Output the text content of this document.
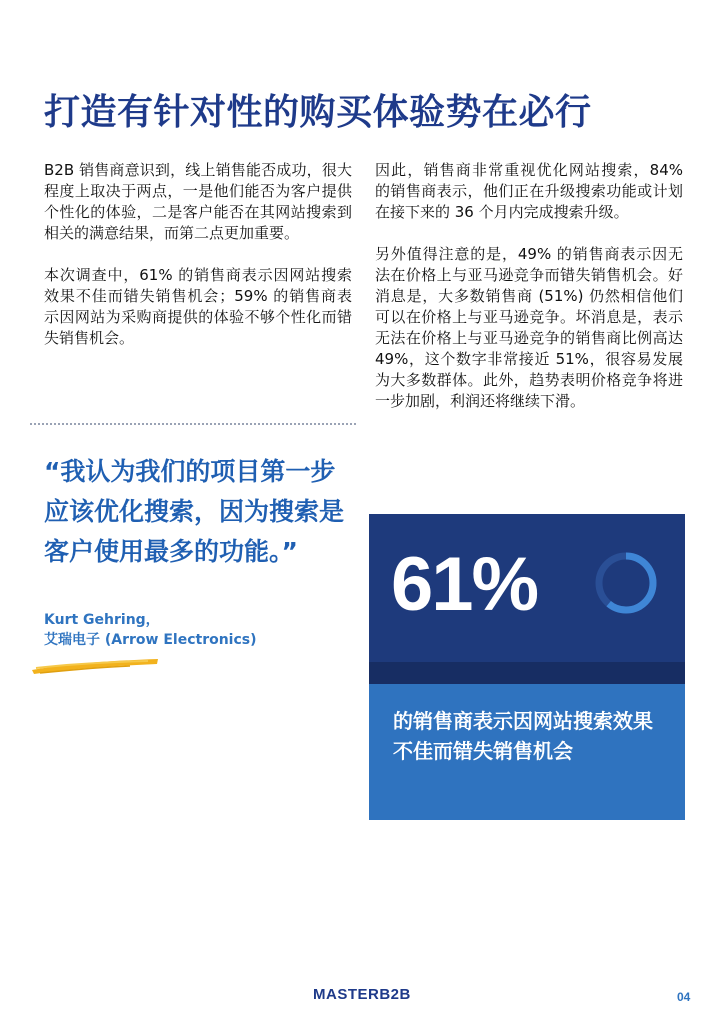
打造有针对性的购买体验势在必行

B2B 销售商意识到，线上销售能否成功，很大程度上取决于两点，一是他们能否为客户提供个性化的体验，二是客户能否在其网站搜索到相关的满意结果，而第二点更加重要。

本次调查中，61% 的销售商表示因网站搜索效果不佳而错失销售机会；59% 的销售商表示因网站为采购商提供的体验不够个性化而错失销售机会。

因此，销售商非常重视优化网站搜索，84% 的销售商表示，他们正在升级搜索功能或计划在接下来的 36 个月内完成搜索升级。

另外值得注意的是，49% 的销售商表示因无法在价格上与亚马逊竞争而错失销售机会。好消息是，大多数销售商 (51%) 仍然相信他们可以在价格上与亚马逊竞争。坏消息是，表示无法在价格上与亚马逊竞争的销售商比例高达 49%，这个数字非常接近 51%，很容易发展为大多数群体。此外，趋势表明价格竞争将进一步加剧，利润还将继续下滑。

“我认为我们的项目第一步应该优化搜索，因为搜索是客户使用最多的功能。”
Kurt Gehring，
艾瑞电子 (Arrow Electronics)
61%
的销售商表示因网站搜索效果不佳而错失销售机会
MASTERB2B	04
